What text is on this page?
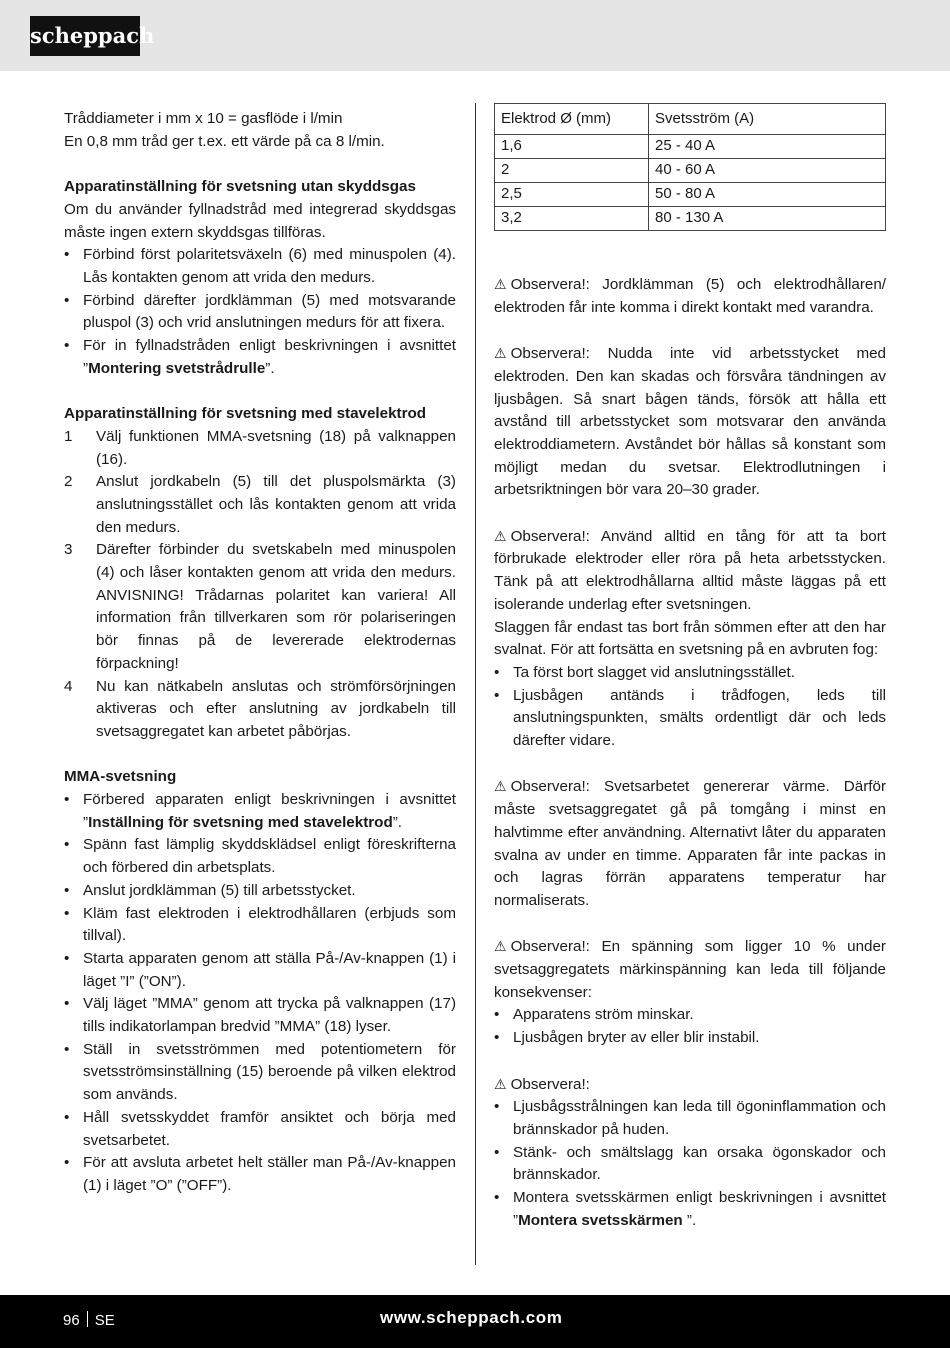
scheppach

Tråddiameter i mm x 10 = gasflöde i l/min

En 0,8 mm tråd ger t.ex. ett värde på ca 8 l/min.

Apparatinställning för svetsning utan skyddsgas

Om du använder fyllnadstråd med integrerad skyddsgas måste ingen extern skyddsgas tillföras.

• Förbind först polaritetsväxeln (6) med minuspolen (4). Lås kontakten genom att vrida den medurs.
• Förbind därefter jordklämman (5) med motsvarande pluspol (3) och vrid anslutningen medurs för att fixera.
• För in fyllnadstråden enligt beskrivningen i avsnittet ”Montering svetstrådrulle”.

Apparatinställning för svetsning med stavelektrod

1 Välj funktionen MMA-svetsning (18) på valknappen (16).
2 Anslut jordkabeln (5) till det pluspolsmärkta (3) anslutningsstället och lås kontakten genom att vrida den medurs.
3 Därefter förbinder du svetskabeln med minuspolen (4) och låser kontakten genom att vrida den medurs. ANVISNING! Trådarnas polaritet kan variera! All information från tillverkaren som rör polariseringen bör finnas på de levererade elektrodernas förpackning!
4 Nu kan nätkabeln anslutas och strömförsörjningen aktiveras och efter anslutning av jordkabeln till svetsaggregatet kan arbetet påbörjas.

MMA-svetsning

• Förbered apparaten enligt beskrivningen i avsnittet ”Inställning för svetsning med stavelektrod”.
• Spänn fast lämplig skyddsklädsel enligt föreskrifterna och förbered din arbetsplats.
• Anslut jordklämman (5) till arbetsstycket.
• Kläm fast elektroden i elektrodhållaren (erbjuds som tillval).
• Starta apparaten genom att ställa På-/Av-knappen (1) i läget ”I” (”ON”).
• Välj läget ”MMA” genom att trycka på valknappen (17) tills indikatorlampan bredvid ”MMA” (18) lyser.
• Ställ in svetsströmmen med potentiometern för svetsströmsinställning (15) beroende på vilken elektrod som används.
• Håll svetsskyddet framför ansiktet och börja med svetsarbetet.
• För att avsluta arbetet helt ställer man På-/Av-knappen (1) i läget ”O” (”OFF”).
Elektrod Ø (mm)	Svetsström (A)
1,6	25 - 40 A
2	40 - 60 A
2,5	50 - 80 A
3,2	80 - 130 A

⚠ Observera!: Jordklämman (5) och elektrodhållaren/ elektroden får inte komma i direkt kontakt med varandra.

⚠ Observera!: Nudda inte vid arbetsstycket med elektroden. Den kan skadas och försvåra tändningen av ljusbågen. Så snart bågen tänds, försök att hålla ett avstånd till arbetsstycket som motsvarar den använda elektroddiametern. Avståndet bör hållas så konstant som möjligt medan du svetsar. Elektrodlutningen i arbetsriktningen bör vara 20–30 grader.

⚠ Observera!: Använd alltid en tång för att ta bort förbrukade elektroder eller röra på heta arbetsstycken. Tänk på att elektrodhållarna alltid måste läggas på ett isolerande underlag efter svetsningen.

Slaggen får endast tas bort från sömmen efter att den har svalnat. För att fortsätta en svetsning på en avbruten fog:

• Ta först bort slagget vid anslutningsstället.
• Ljusbågen antänds i trådfogen, leds till anslutningspunkten, smälts ordentligt där och leds därefter vidare.

⚠ Observera!: Svetsarbetet genererar värme. Därför måste svetsaggregatet gå på tomgång i minst en halvtimme efter användning. Alternativt låter du apparaten svalna av under en timme. Apparaten får inte packas in och lagras förrän apparatens temperatur har normaliserats.

⚠ Observera!: En spänning som ligger 10 % under svetsaggregatets märkinspänning kan leda till följande konsekvenser:

• Apparatens ström minskar.
• Ljusbågen bryter av eller blir instabil.

⚠ Observera!:

• Ljusbågsstrålningen kan leda till ögoninflammation och brännskador på huden.
• Stänk- och smältslagg kan orsaka ögonskador och brännskador.
• Montera svetsskärmen enligt beskrivningen i avsnittet ”Montera svetsskärmen ”.
96 SE	www.scheppach.com
